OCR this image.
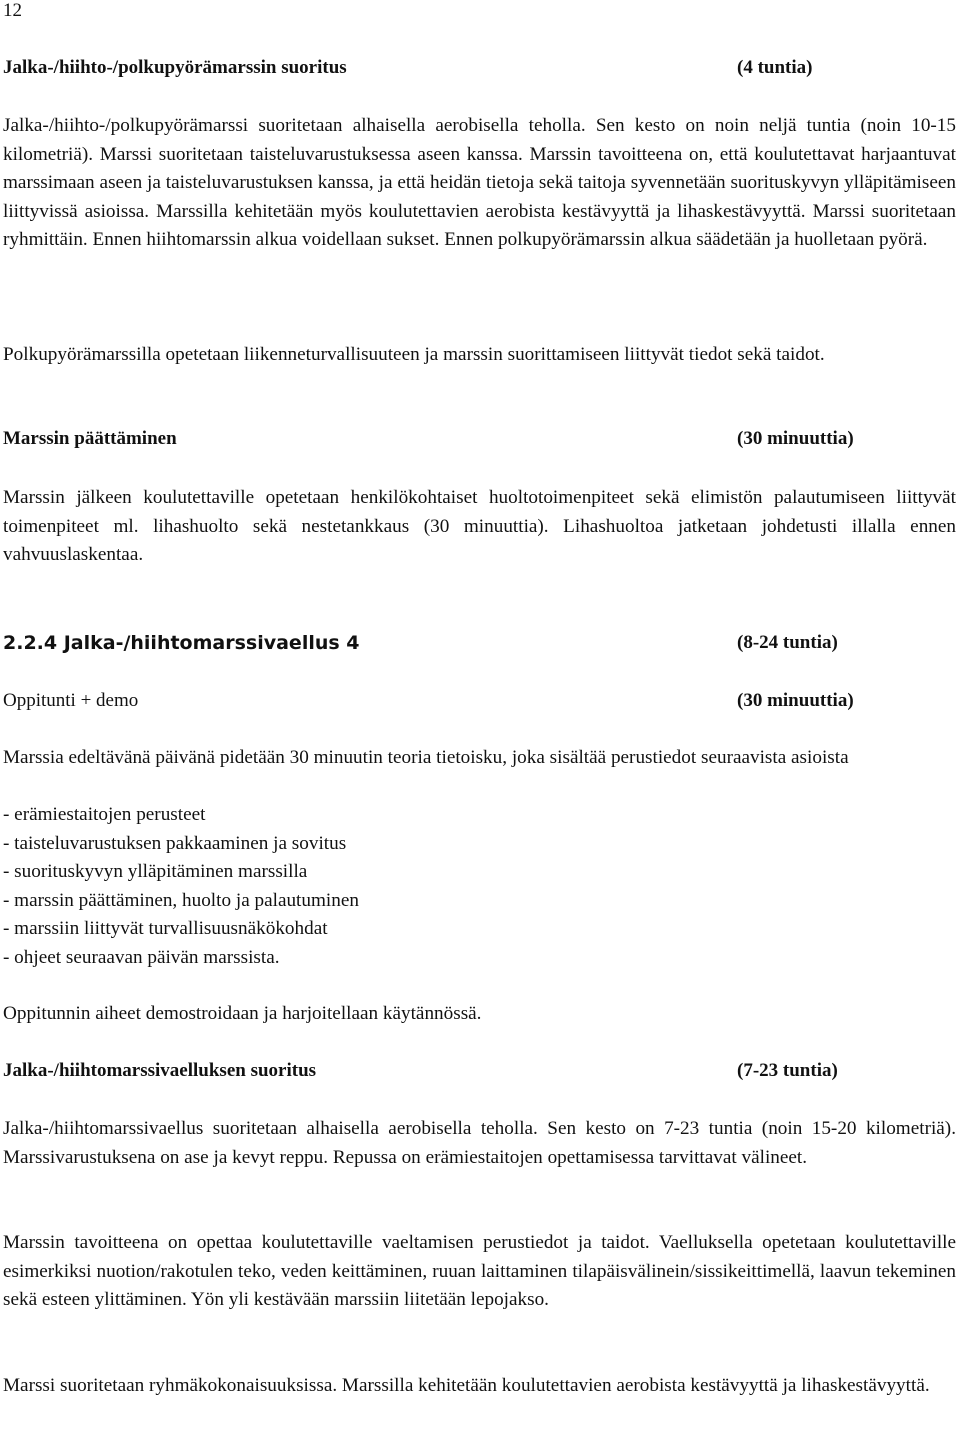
12
Jalka-/hiihto-/polkupyörämarssin suoritus	(4 tuntia)
Jalka-/hiihto-/polkupyörämarssi suoritetaan alhaisella aerobisella teholla. Sen kesto on noin neljä tuntia (noin 10-15 kilometriä). Marssi suoritetaan taisteluvarustuksessa aseen kanssa. Marssin tavoitteena on, että koulutettavat harjaantuvat marssimaan aseen ja taisteluvarustuksen kanssa, ja että heidän tietoja sekä taitoja syvennetään suorituskyvyn ylläpitämiseen liittyvissä asioissa. Marssilla kehitetään myös koulutettavien aerobista kestävyyttä ja lihaskestävyyttä. Marssi suoritetaan ryhmittäin. Ennen hiihtomarssin alkua voidellaan sukset. Ennen polkupyörämarssin alkua säädetään ja huolletaan pyörä.
Polkupyörämarssilla opetetaan liikenneturvallisuuteen ja marssin suorittamiseen liittyvät tiedot sekä taidot.
Marssin päättäminen	(30 minuuttia)
Marssin jälkeen koulutettaville opetetaan henkilökohtaiset huoltotoimenpiteet sekä elimistön palautumiseen liittyvät toimenpiteet ml. lihashuolto sekä nestetankkaus (30 minuuttia). Lihashuoltoa jatketaan johdetusti illalla ennen vahvuuslaskentaa.
2.2.4 Jalka-/hiihtomarssivaellus 4	(8-24 tuntia)
Oppitunti + demo	(30 minuuttia)
Marssia edeltävänä päivänä pidetään 30 minuutin teoria tietoisku, joka sisältää perustiedot seuraavista asioista
- erämiestaitojen perusteet
- taisteluvarustuksen pakkaaminen ja sovitus
- suorituskyvyn ylläpitäminen marssilla
- marssin päättäminen, huolto ja palautuminen
- marssiin liittyvät turvallisuusnäkökohdat
- ohjeet seuraavan päivän marssista.
Oppitunnin aiheet demostroidaan ja harjoitellaan käytännössä.
Jalka-/hiihtomarssivaelluksen suoritus	(7-23 tuntia)
Jalka-/hiihtomarssivaellus suoritetaan alhaisella aerobisella teholla. Sen kesto on 7-23 tuntia (noin 15-20 kilometriä). Marssivarustuksena on ase ja kevyt reppu. Repussa on erämiestaitojen opettamisessa tarvittavat välineet.
Marssin tavoitteena on opettaa koulutettaville vaeltamisen perustiedot ja taidot. Vaelluksella opetetaan koulutettaville esimerkiksi nuotion/rakotulen teko, veden keittäminen, ruuan laittaminen tilapäisvälinein/sissikeittimellä, laavun tekeminen sekä esteen ylittäminen. Yön yli kestävään marssiin liitetään lepojakso.
Marssi suoritetaan ryhmäkokonaisuuksissa. Marssilla kehitetään koulutettavien aerobista kestävyyttä ja lihaskestävyyttä.
